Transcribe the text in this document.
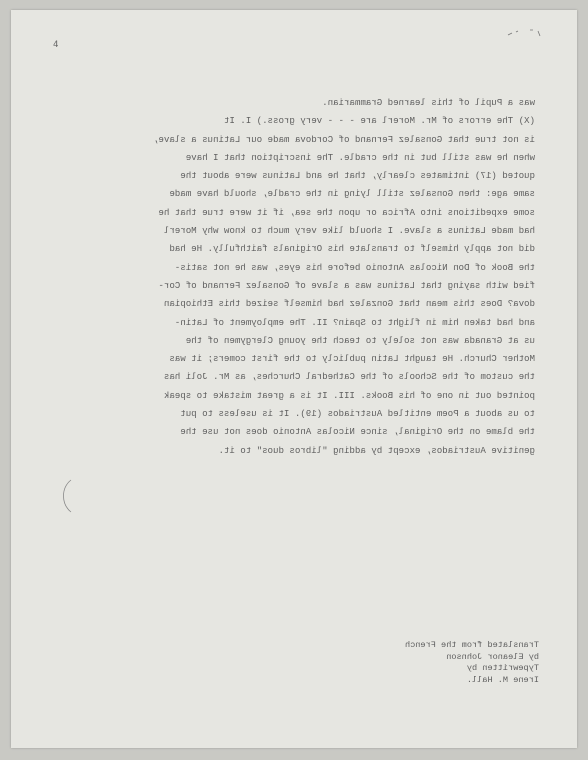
4
was a Pupil of this learned Grammarian.
(X) The errors of Mr. Morerl are - - - very gross.) I. It
is not true that Gonsalez Fernand of Cordova made our Latinus a slave,
when he was still but in the cradle. The inscription that I have
quoted (17) intimates clearly, that he and Latinus were about the
same age: then Gonsalez still lying in the cradle, should have made
some expeditions into Africa or upon the sea, if it were true that he
had made Latinus a slave. I should like very much to know why Morerl
did not apply himself to translate his Originals faithfully. He had
the Book of Don Nicolas Antonio before his eyes, was he not satis-
fied with saying that Latinus was a slave of Gonsalez Fernand of Cor-
dova? Does this mean that Gonzalez had himself seized this Ethiopian
and had taken him in flight to Spain? II. The employment of Latin-
us at Granada was not solely to teach the young Clergymen of the
Mother Church. He taught Latin publicly to the first comers; it was
the custom of the Schools of the Cathedral Churches, as Mr. Joli has
pointed out in one of his Books. III. It is a great mistake to speak
to us about a Poem entitled Austriados (19). It is useless to put
the blame on the Original, since Nicolas Antonio does not use the
genitive Austriados, except by adding "libros duos" to it.
Translated from the French
by Eleanor Johnson
Typewritten by
Irene M. Hall.
